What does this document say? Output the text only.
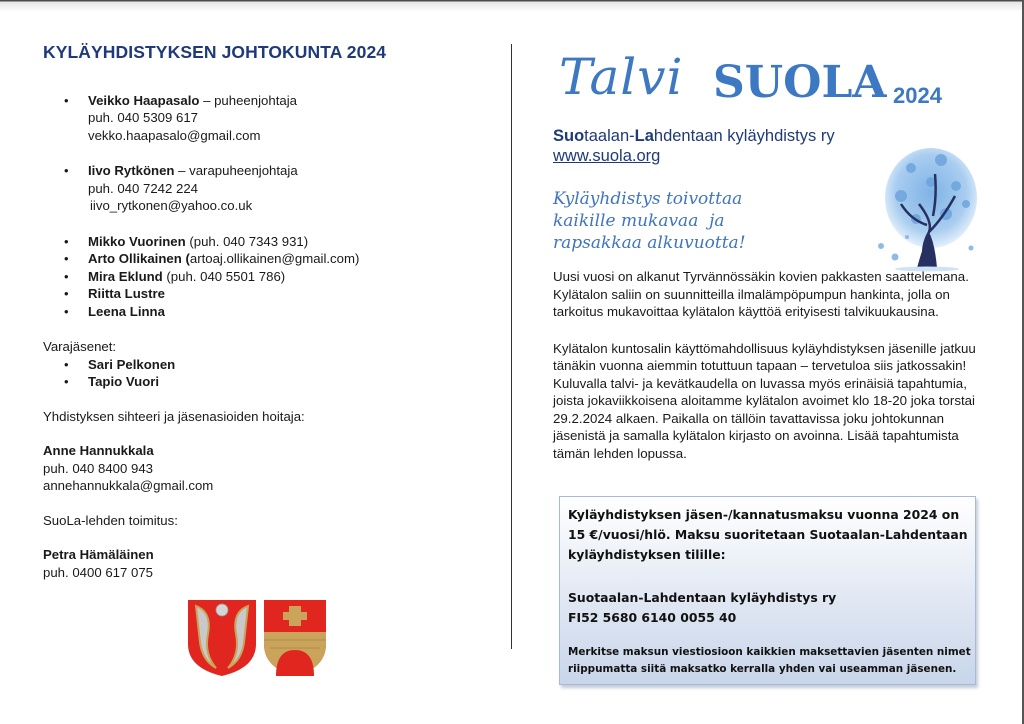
KYLÄYHDISTYKSEN JOHTOKUNTA 2024
• Veikko Haapasalo – puheenjohtaja
puh. 040 5309 617
vekko.haapasalo@gmail.com
• Iivo Rytkönen – varapuheenjohtaja
puh. 040 7242 224
iivo_rytkonen@yahoo.co.uk
• Mikko Vuorinen (puh. 040 7343 931)
• Arto Ollikainen (artoaj.ollikainen@gmail.com)
• Mira Eklund (puh. 040 5501 786)
• Riitta Lustre
• Leena Linna
Varajäsenet:
• Sari Pelkonen
• Tapio Vuori
Yhdistyksen sihteeri ja jäsenasioiden hoitaja:
Anne Hannukkala
puh. 040 8400 943
annehannukkala@gmail.com
SuoLa-lehden toimitus:
Petra Hämäläinen
puh. 0400 617 075
Talvi SUOLA 2024
Suotaalan-Lahdentaan kyläyhdistys ry
www.suola.org
Kyläyhdistys toivottaa
kaikille mukavaa  ja
rapsakkaa alkuvuotta!
Uusi vuosi on alkanut Tyrvännössäkin kovien pakkasten saattelemana. Kylätalon saliin on suunnitteilla ilmalämpöpumpun hankinta, jolla on tarkoitus mukavoittaa kylätalon käyttöä erityisesti talvikuukausina.
Kylätalon kuntosalin käyttömahdollisuus kyläyhdistyksen jäsenille jatkuu tänäkin vuonna aiemmin totuttuun tapaan – tervetuloa siis jatkossakin! Kuluvalla talvi- ja kevätkaudella on luvassa myös erinäisiä tapahtumia, joista jokaviikkoisena aloitamme kylätalon avoimet klo 18-20 joka torstai 29.2.2024 alkaen. Paikalla on tällöin tavattavissa joku johtokunnan jäsenistä ja samalla kylätalon kirjasto on avoinna. Lisää tapahtumista tämän lehden lopussa.
Kyläyhdistyksen jäsen-/kannatusmaksu vuonna 2024 on 15 €/vuosi/hlö. Maksu suoritetaan Suotaalan-Lahdentaan kyläyhdistyksen tilille:
Suotaalan-Lahdentaan kyläyhdistys ry
FI52 5680 6140 0055 40
Merkitse maksun viestiosioon kaikkien maksettavien jäsenten nimet riippumatta siitä maksatko kerralla yhden vai useamman jäsenen.
